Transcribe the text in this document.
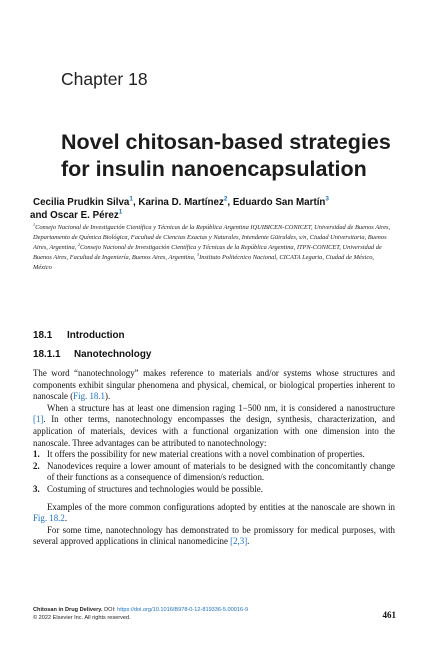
Chapter 18
Novel chitosan-based strategies for insulin nanoencapsulation
Cecilia Prudkin Silva$^1$, Karina D. Martínez$^2$, Eduardo San Martín$^3$
and Oscar E. Pérez$^1$
$^1$Consejo Nacional de Investigación Científica y Técnicas de la República Argentina IQUIBICEN-CONICET, Universidad de Buenos Aires, Departamento de Química Biológica, Facultad de Ciencias Exactas y Naturales, Intendente Güiraldes, s/n, Ciudad Universitaria, Buenos Aires, Argentina, $^2$Consejo Nacional de Investigación Científica y Técnicas de la República Argentina, ITPN-CONICET, Universidad de Buenos Aires, Facultad de Ingeniería, Buenos Aires, Argentina, $^3$Instituto Politécnico Nacional, CICATA Legaria, Ciudad de México, México
18.1 Introduction
18.1.1 Nanotechnology

The word “nanotechnology” makes reference to materials and/or systems whose structures and components exhibit singular phenomena and physical, chemical, or biological properties inherent to nanoscale (Fig. 18.1).

When a structure has at least one dimension raging 1−500 nm, it is considered a nanostructure [1]. In other terms, nanotechnology encompasses the design, synthesis, characterization, and application of materials, devices with a functional organization with one dimension into the nanoscale. Three advantages can be attributed to nanotechnology:

1. It offers the possibility for new material creations with a novel combination of properties.
2. Nanodevices require a lower amount of materials to be designed with the concomitantly change of their functions as a consequence of dimension/s reduction.
3. Costuming of structures and technologies would be possible.

Examples of the more common configurations adopted by entities at the nanoscale are shown in Fig. 18.2.

For some time, nanotechnology has demonstrated to be promissory for medical purposes, with several approved applications in clinical nanomedicine [2,3].

Chitosan in Drug Delivery. DOI: https://doi.org/10.1016/B978-0-12-819336-5.00016-9
© 2022 Elsevier Inc. All rights reserved.	461
